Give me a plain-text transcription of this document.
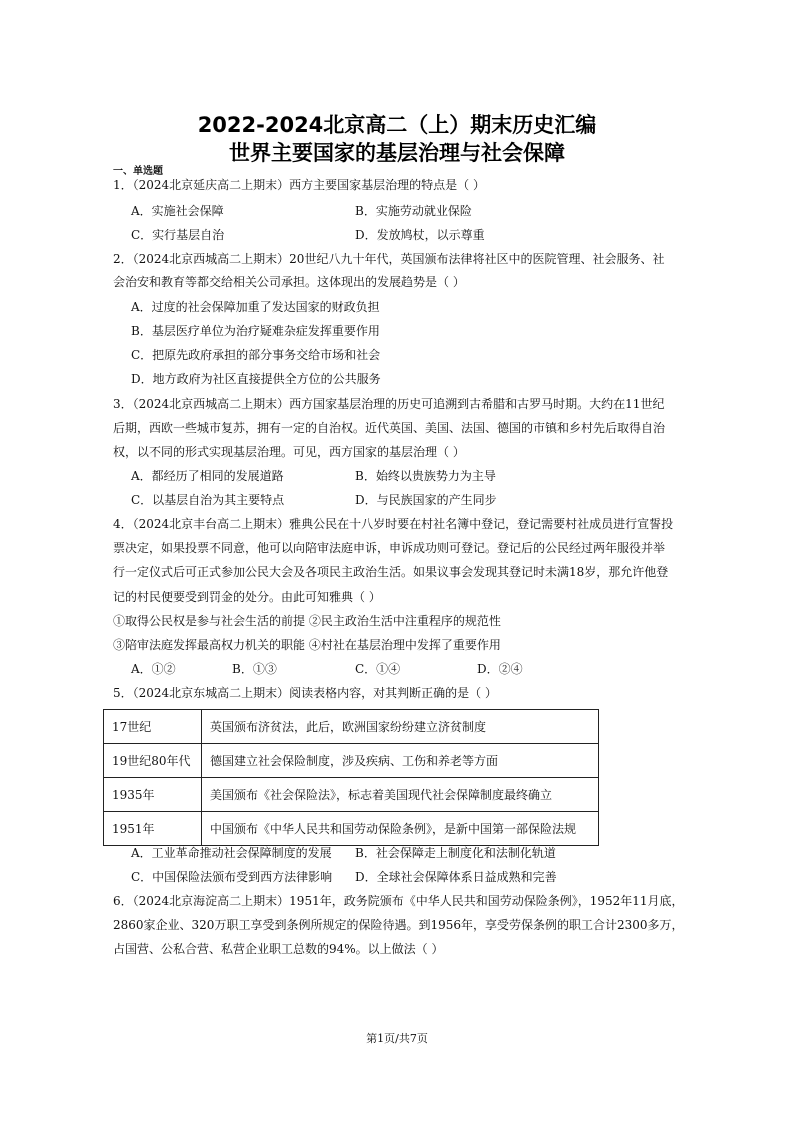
2022-2024北京高二（上）期末历史汇编
世界主要国家的基层治理与社会保障
一、单选题
1．（2024北京延庆高二上期末）西方主要国家基层治理的特点是（ ）
A．实施社会保障	B．实施劳动就业保险
C．实行基层自治	D．发放鸠杖，以示尊重
2．（2024北京西城高二上期末）20世纪八九十年代，英国颁布法律将社区中的医院管理、社会服务、社
会治安和教育等都交给相关公司承担。这体现出的发展趋势是（ ）
A．过度的社会保障加重了发达国家的财政负担
B．基层医疗单位为治疗疑难杂症发挥重要作用
C．把原先政府承担的部分事务交给市场和社会
D．地方政府为社区直接提供全方位的公共服务
3．（2024北京西城高二上期末）西方国家基层治理的历史可追溯到古希腊和古罗马时期。大约在11世纪
后期，西欧一些城市复苏，拥有一定的自治权。近代英国、美国、法国、德国的市镇和乡村先后取得自治
权，以不同的形式实现基层治理。可见，西方国家的基层治理（ ）
A．都经历了相同的发展道路	B．始终以贵族势力为主导
C．以基层自治为其主要特点	D．与民族国家的产生同步
4．（2024北京丰台高二上期末）雅典公民在十八岁时要在村社名簿中登记，登记需要村社成员进行宣誓投
票决定，如果投票不同意，他可以向陪审法庭申诉，申诉成功则可登记。登记后的公民经过两年服役并举
行一定仪式后可正式参加公民大会及各项民主政治生活。如果议事会发现其登记时未满18岁，那允许他登
记的村民便要受到罚金的处分。由此可知雅典（ ）
①取得公民权是参与社会生活的前提 ②民主政治生活中注重程序的规范性
③陪审法庭发挥最高权力机关的职能 ④村社在基层治理中发挥了重要作用
A．①②	B．①③	C．①④	D．②④
5．（2024北京东城高二上期末）阅读表格内容，对其判断正确的是（ ）
17世纪	英国颁布济贫法，此后，欧洲国家纷纷建立济贫制度
19世纪80年代	德国建立社会保险制度，涉及疾病、工伤和养老等方面
1935年	美国颁布《社会保险法》，标志着美国现代社会保障制度最终确立
1951年	中国颁布《中华人民共和国劳动保险条例》，是新中国第一部保险法规
A．工业革命推动社会保障制度的发展 B．社会保障走上制度化和法制化轨道
C．中国保险法颁布受到西方法律影响 D．全球社会保障体系日益成熟和完善
6．（2024北京海淀高二上期末）1951年，政务院颁布《中华人民共和国劳动保险条例》，1952年11月底，
2860家企业、320万职工享受到条例所规定的保险待遇。到1956年，享受劳保条例的职工合计2300多万，
占国营、公私合营、私营企业职工总数的94%。以上做法（ ）
第1页/共7页
